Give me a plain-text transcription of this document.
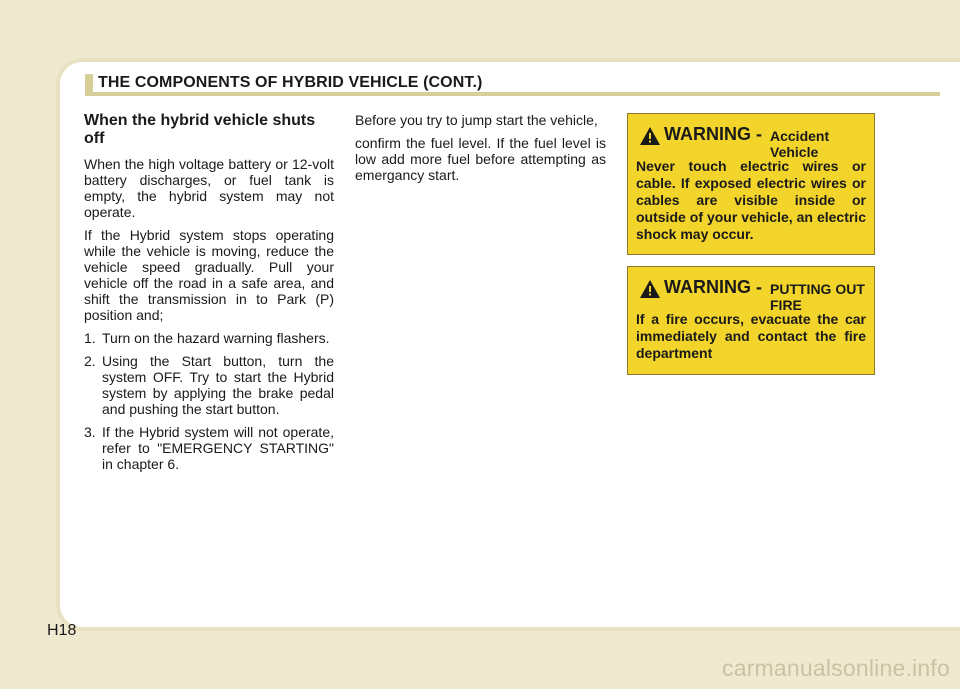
THE COMPONENTS OF HYBRID VEHICLE (CONT.)
When the hybrid vehicle shuts off

When the high voltage battery or 12-volt battery discharges, or fuel tank is empty, the hybrid system may not operate.

If the Hybrid system stops operating while the vehicle is moving, reduce the vehicle speed gradually. Pull your vehicle off the road in a safe area, and shift the transmission in to Park (P) position and;

1. Turn on the hazard warning flashers.
2. Using the Start button, turn the system OFF. Try to start the Hybrid system by applying the brake pedal and pushing the start button.
3. If the Hybrid system will not operate, refer to "EMERGENCY STARTING" in chapter 6.

Before you try to jump start the vehicle,

confirm the fuel level. If the fuel level is low add more fuel before attempting as emergancy start.

WARNING - Accident Vehicle
Never touch electric wires or cable. If exposed electric wires or cables are visible inside or outside of your vehicle, an electric shock may occur.
WARNING - PUTTING OUT FIRE
If a fire occurs, evacuate the car immediately and contact the fire department
H18
carmanualsonline.info
